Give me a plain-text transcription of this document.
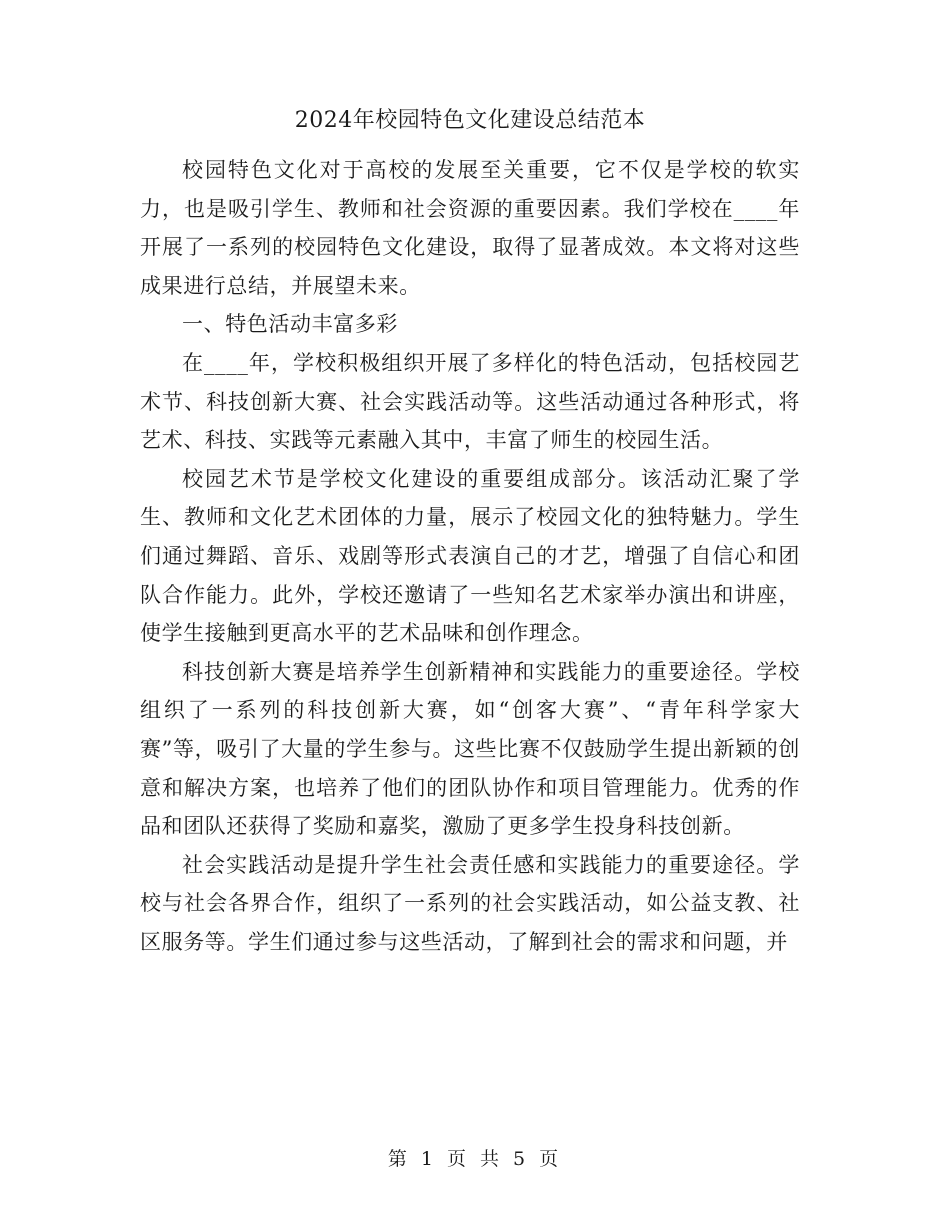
2024年校园特色文化建设总结范本

校园特色文化对于高校的发展至关重要，它不仅是学校的软实力，也是吸引学生、教师和社会资源的重要因素。我们学校在____年开展了一系列的校园特色文化建设，取得了显著成效。本文将对这些成果进行总结，并展望未来。

一、特色活动丰富多彩

在____年，学校积极组织开展了多样化的特色活动，包括校园艺术节、科技创新大赛、社会实践活动等。这些活动通过各种形式，将艺术、科技、实践等元素融入其中，丰富了师生的校园生活。

校园艺术节是学校文化建设的重要组成部分。该活动汇聚了学生、教师和文化艺术团体的力量，展示了校园文化的独特魅力。学生们通过舞蹈、音乐、戏剧等形式表演自己的才艺，增强了自信心和团队合作能力。此外，学校还邀请了一些知名艺术家举办演出和讲座，使学生接触到更高水平的艺术品味和创作理念。

科技创新大赛是培养学生创新精神和实践能力的重要途径。学校组织了一系列的科技创新大赛，如“创客大赛”、“青年科学家大赛”等，吸引了大量的学生参与。这些比赛不仅鼓励学生提出新颖的创意和解决方案，也培养了他们的团队协作和项目管理能力。优秀的作品和团队还获得了奖励和嘉奖，激励了更多学生投身科技创新。

社会实践活动是提升学生社会责任感和实践能力的重要途径。学校与社会各界合作，组织了一系列的社会实践活动，如公益支教、社区服务等。学生们通过参与这些活动，了解到社会的需求和问题，并

第 1 页 共 5 页
